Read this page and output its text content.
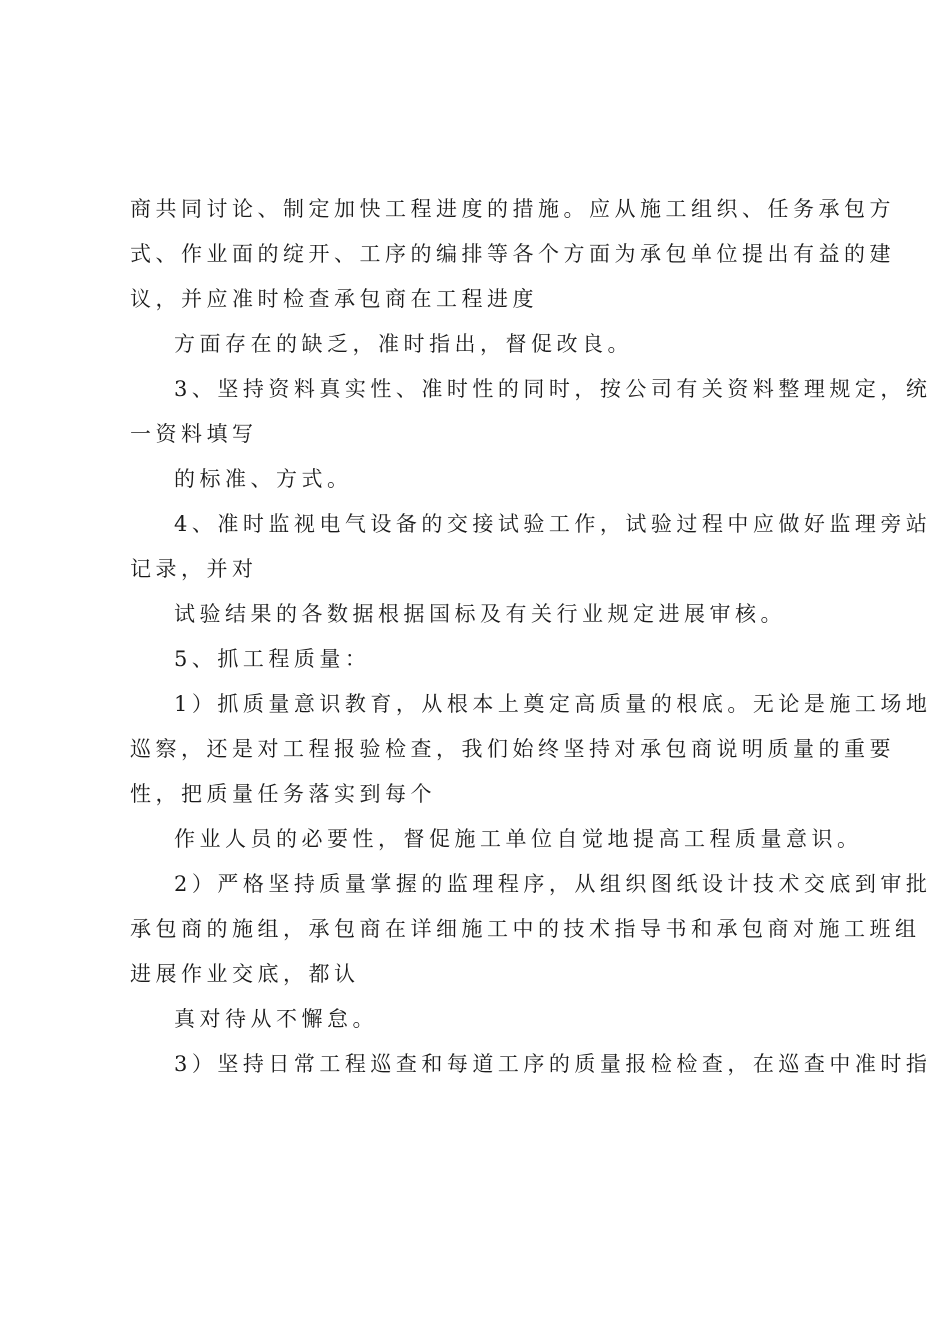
商共同讨论、制定加快工程进度的措施。应从施工组织、任务承包方
式、作业面的绽开、工序的编排等各个方面为承包单位提出有益的建
议，并应准时检查承包商在工程进度

方面存在的缺乏，准时指出，督促改良。

3、坚持资料真实性、准时性的同时，按公司有关资料整理规定，统
一资料填写

的标准、方式。

4、准时监视电气设备的交接试验工作，试验过程中应做好监理旁站
记录，并对

试验结果的各数据根据国标及有关行业规定进展审核。

5、抓工程质量：

1）抓质量意识教育，从根本上奠定高质量的根底。无论是施工场地
巡察，还是对工程报验检查，我们始终坚持对承包商说明质量的重要
性，把质量任务落实到每个

作业人员的必要性，督促施工单位自觉地提高工程质量意识。

2）严格坚持质量掌握的监理程序，从组织图纸设计技术交底到审批
承包商的施组，承包商在详细施工中的技术指导书和承包商对施工班组
进展作业交底，都认

真对待从不懈怠。

3）坚持日常工程巡查和每道工序的质量报检检查，在巡查中准时指
